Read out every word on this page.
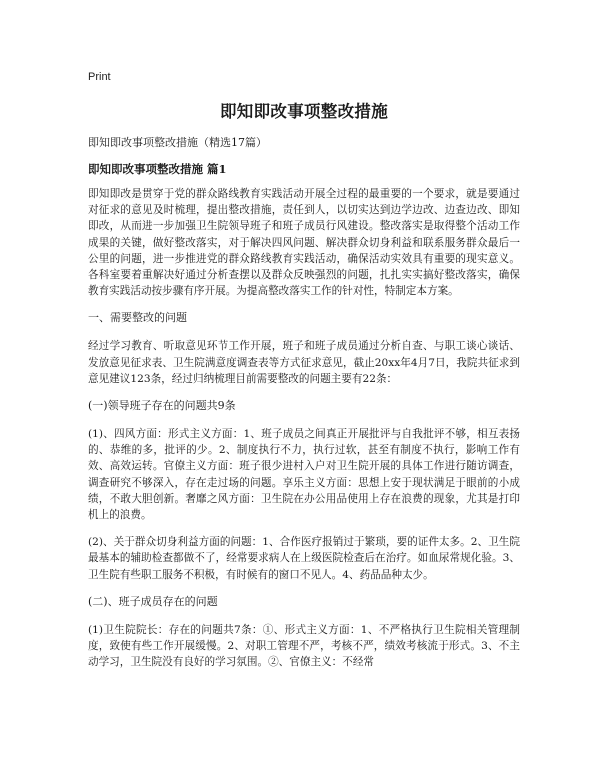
Print
即知即改事项整改措施
即知即改事项整改措施（精选17篇）
即知即改事项整改措施 篇1
即知即改是贯穿于党的群众路线教育实践活动开展全过程的最重要的一个要求，就是要通过对征求的意见及时梳理，提出整改措施，责任到人，以切实达到边学边改、边查边改、即知即改，从而进一步加强卫生院领导班子和班子成员行风建设。整改落实是取得整个活动工作成果的关键，做好整改落实，对于解决四风问题、解决群众切身利益和联系服务群众最后一公里的问题，进一步推进党的群众路线教育实践活动，确保活动实效具有重要的现实意义。各科室要着重解决好通过分析查摆以及群众反映强烈的问题，扎扎实实搞好整改落实，确保教育实践活动按步骤有序开展。为提高整改落实工作的针对性，特制定本方案。
一、需要整改的问题
经过学习教育、听取意见环节工作开展，班子和班子成员通过分析自查、与职工谈心谈话、发放意见征求表、卫生院满意度调查表等方式征求意见，截止20xx年4月7日，我院共征求到意见建议123条，经过归纳梳理目前需要整改的问题主要有22条：
(一)领导班子存在的问题共9条
(1)、四风方面：形式主义方面：1、班子成员之间真正开展批评与自我批评不够，相互表扬的、恭维的多，批评的少。2、制度执行不力，执行过软，甚至有制度不执行，影响工作有效、高效运转。官僚主义方面：班子很少进村入户对卫生院开展的具体工作进行随访调查，调查研究不够深入，存在走过场的问题。享乐主义方面：思想上安于现状满足于眼前的小成绩，不敢大胆创新。奢靡之风方面：卫生院在办公用品使用上存在浪费的现象，尤其是打印机上的浪费。
(2)、关于群众切身利益方面的问题：1、合作医疗报销过于繁琐，要的证件太多。2、卫生院最基本的辅助检查都做不了，经常要求病人在上级医院检查后在治疗。如血尿常规化验。3、卫生院有些职工服务不积极，有时候有的窗口不见人。4、药品品种太少。
(二)、班子成员存在的问题
(1)卫生院院长：存在的问题共7条：①、形式主义方面：1、不严格执行卫生院相关管理制度，致使有些工作开展缓慢。2、对职工管理不严，考核不严，绩效考核流于形式。3、不主动学习，卫生院没有良好的学习氛围。②、官僚主义：不经常
